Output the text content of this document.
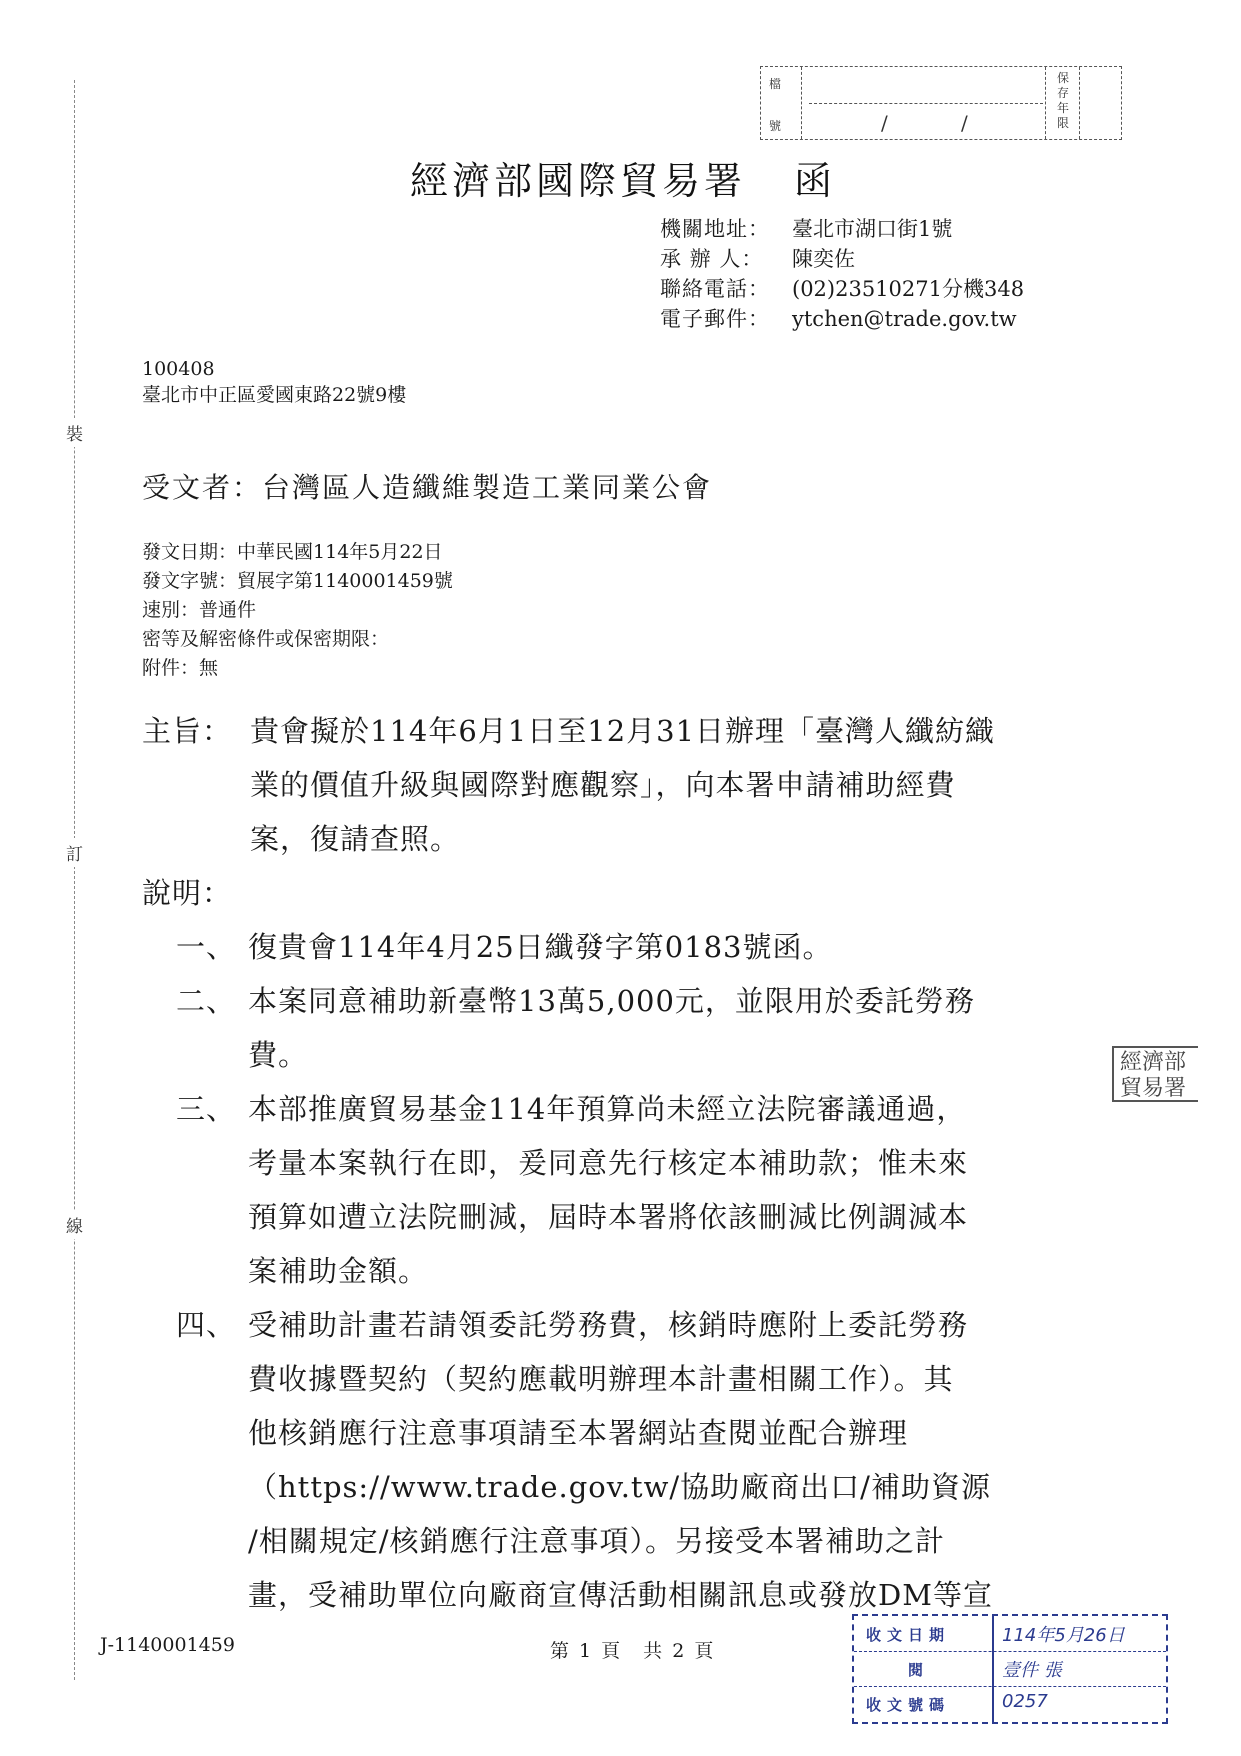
裝
訂
線
檔
號	/	/
保存年限
經濟部國際貿易署 函
機關地址： 臺北市湖口街1號
承 辦 人： 陳奕佐
聯絡電話： (02)23510271分機348
電子郵件： ytchen@trade.gov.tw
100408
臺北市中正區愛國東路22號9樓
受文者：台灣區人造纖維製造工業同業公會
發文日期：中華民國114年5月22日
發文字號：貿展字第1140001459號
速別：普通件
密等及解密條件或保密期限：
附件：無
主旨： 貴會擬於114年6月1日至12月31日辦理「臺灣人纖紡織

業的價值升級與國際對應觀察」，向本署申請補助經費

案，復請查照。

說明：

一、 復貴會114年4月25日纖發字第0183號函。

二、 本案同意補助新臺幣13萬5,000元，並限用於委託勞務

費。

三、 本部推廣貿易基金114年預算尚未經立法院審議通過，

考量本案執行在即，爰同意先行核定本補助款；惟未來

預算如遭立法院刪減，屆時本署將依該刪減比例調減本

案補助金額。

四、 受補助計畫若請領委託勞務費，核銷時應附上委託勞務

費收據暨契約（契約應載明辦理本計畫相關工作）。其

他核銷應行注意事項請至本署網站查閱並配合辦理

（https://www.trade.gov.tw/協助廠商出口/補助資源

/相關規定/核銷應行注意事項）。另接受本署補助之計

畫，受補助單位向廠商宣傳活動相關訊息或發放DM等宣

經濟部
貿易署
J-1140001459	第 1 頁　共 2 頁
收文日期	114年5月26日
　　閱	壹件 張
收文號碼	0257
